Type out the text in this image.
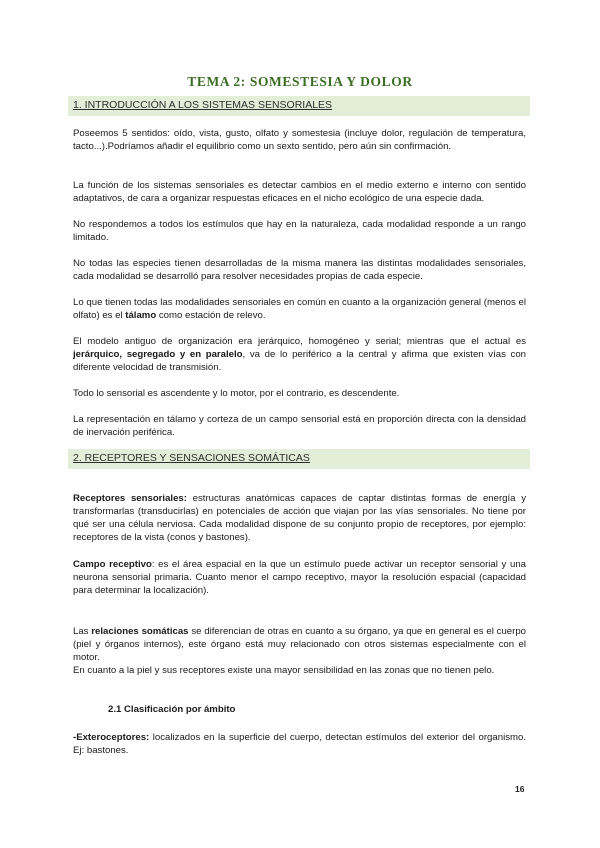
TEMA 2: SOMESTESIA Y DOLOR
1. INTRODUCCIÓN A LOS SISTEMAS SENSORIALES
Poseemos 5 sentidos: oído, vista, gusto, olfato y somestesia (incluye dolor, regulación de temperatura, tacto...).Podríamos añadir el equilibrio como un sexto sentido, pero aún sin confirmación.
La función de los sistemas sensoriales es detectar cambios en el medio externo e interno con sentido adaptativos, de cara a organizar respuestas eficaces en el nicho ecológico de una especie dada.
No respondemos a todos los estímulos que hay en la naturaleza, cada modalidad responde a un rango limitado.
No todas las especies tienen desarrolladas de la misma manera las distintas modalidades sensoriales, cada modalidad se desarrolló para resolver necesidades propias de cada especie.
Lo que tienen todas las modalidades sensoriales en común en cuanto a la organización general (menos el olfato) es el tálamo como estación de relevo.
El modelo antiguo de organización era jerárquico, homogéneo y serial; mientras que el actual es jerárquico, segregado y en paralelo, va de lo periférico a la central y afirma que existen vías con diferente velocidad de transmisión.
Todo lo sensorial es ascendente y lo motor, por el contrario, es descendente.
La representación en tálamo y corteza de un campo sensorial está en proporción directa con la densidad de inervación periférica.
2. RECEPTORES Y SENSACIONES SOMÁTICAS
Receptores sensoriales: estructuras anatómicas capaces de captar distintas formas de energía y transformarlas (transducirlas) en potenciales de acción que viajan por las vías sensoriales. No tiene por qué ser una célula nerviosa. Cada modalidad dispone de su conjunto propio de receptores, por ejemplo: receptores de la vista (conos y bastones).
Campo receptivo: es el área espacial en la que un estímulo puede activar un receptor sensorial y una neurona sensorial primaria. Cuanto menor el campo receptivo, mayor la resolución espacial (capacidad para determinar la localización).
Las relaciones somáticas se diferencian de otras en cuanto a su órgano, ya que en general es el cuerpo (piel y órganos internos), este órgano está muy relacionado con otros sistemas especialmente con el motor.
En cuanto a la piel y sus receptores existe una mayor sensibilidad en las zonas que no tienen pelo.
2.1 Clasificación por ámbito
-Exteroceptores: localizados en la superficie del cuerpo, detectan estímulos del exterior del organismo. Ej: bastones.
16
